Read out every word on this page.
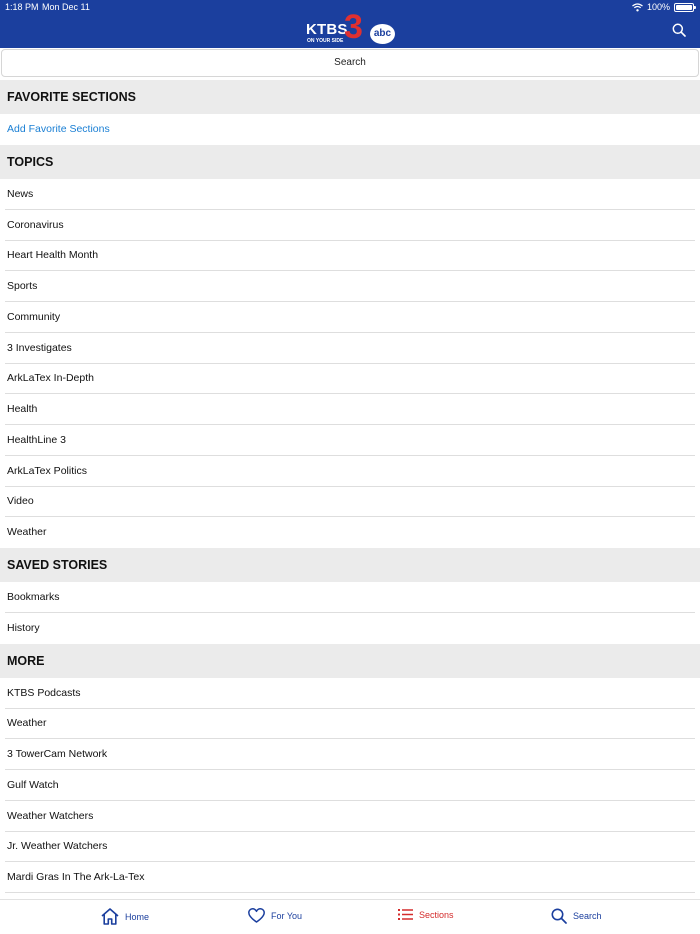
1:18 PM Mon Dec 11	100%
KTBS
ON YOUR SIDE 3	abc
Search
FAVORITE SECTIONS
Add Favorite Sections
TOPICS
News
Coronavirus
Heart Health Month
Sports
Community
3 Investigates
ArkLaTex In-Depth
Health
HealthLine 3
ArkLaTex Politics
Video
Weather
SAVED STORIES
Bookmarks
History
MORE
KTBS Podcasts
Weather
3 TowerCam Network
Gulf Watch
Weather Watchers
Jr. Weather Watchers
Mardi Gras In The Ark-La-Tex
Home	For You	Sections	Search
